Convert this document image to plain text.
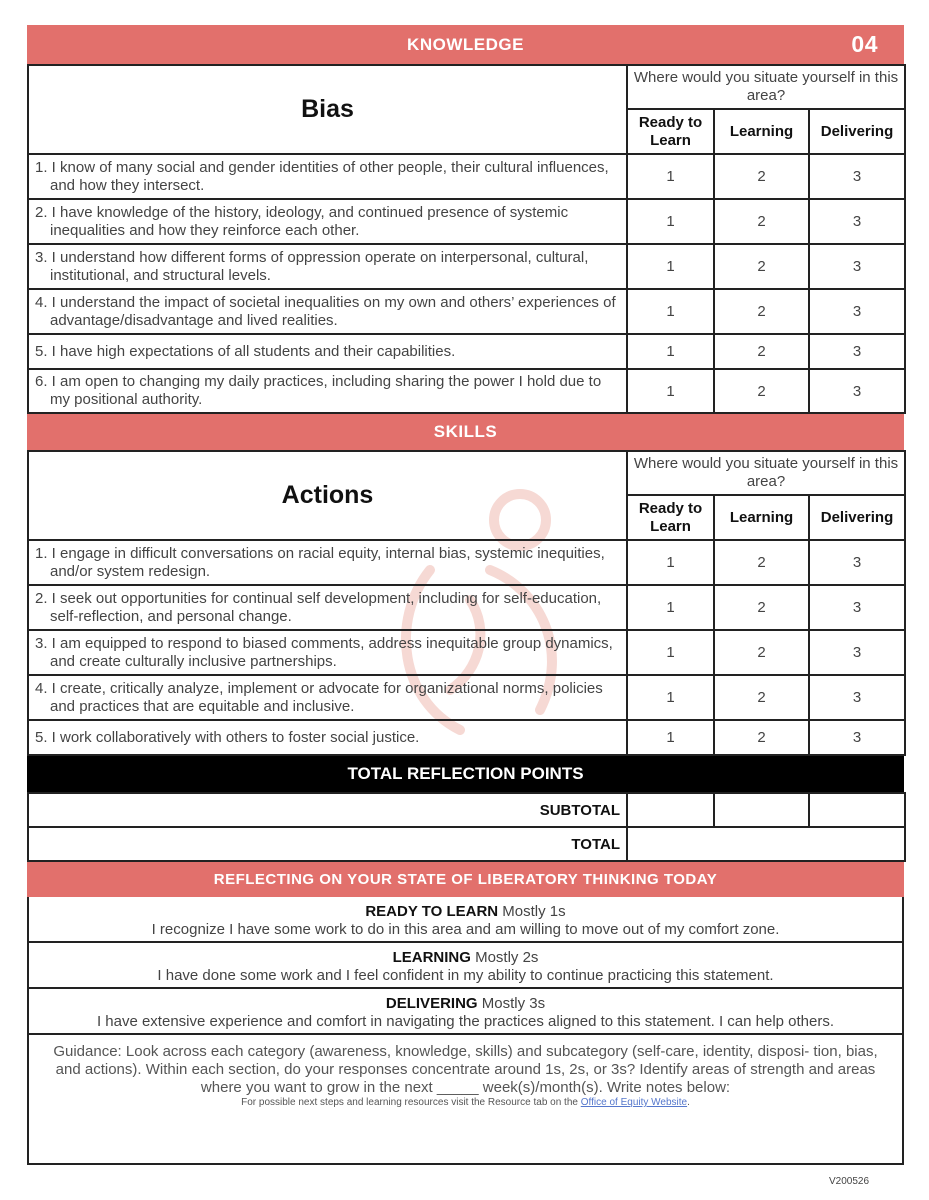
KNOWLEDGE	04
Bias	Where would you situate yourself in this area?		
	Ready to Learn	Learning	Delivering

1. I know of many social and gender identities of other people, their cultural influences, and how they intersect.	1	2	3

2. I have knowledge of the history, ideology, and continued presence of systemic inequalities and how they reinforce each other.	1	2	3

3. I understand how different forms of oppression operate on interpersonal, cultural, institutional, and structural levels.	1	2	3

4. I understand the impact of societal inequalities on my own and others’ experiences of advantage/disadvantage and lived realities.	1	2	3

5. I have high expectations of all students and their capabilities.	1	2	3

6. I am open to changing my daily practices, including sharing the power I hold due to my positional authority.	1	2	3
SKILLS
Actions	Where would you situate yourself in this area?		
	Ready to Learn	Learning	Delivering

1. I engage in difficult conversations on racial equity, internal bias, systemic inequities, and/or system redesign.	1	2	3

2. I seek out opportunities for continual self development, including for self-education, self-reflection, and personal change.	1	2	3

3. I am equipped to respond to biased comments, address inequitable group dynamics, and create culturally inclusive partnerships.	1	2	3

4. I create, critically analyze, implement or advocate for organizational norms, policies and practices that are equitable and inclusive.	1	2	3

5. I work collaboratively with others to foster social justice.	1	2	3
TOTAL REFLECTION POINTS
SUBTOTAL			
TOTAL			
REFLECTING ON YOUR STATE OF LIBERATORY THINKING TODAY
READY TO LEARN Mostly 1s
I recognize I have some work to do in this area and am willing to move out of my comfort zone.
LEARNING Mostly 2s
I have done some work and I feel confident in my ability to continue practicing this statement.
DELIVERING Mostly 3s
I have extensive experience and comfort in navigating the practices aligned to this statement. I can help others.
Guidance: Look across each category (awareness, knowledge, skills) and subcategory (self-care, identity, disposi- tion, bias, and actions). Within each section, do your responses concentrate around 1s, 2s, or 3s? Identify areas of strength and areas where you want to grow in the next _____ week(s)/month(s). Write notes below:
For possible next steps and learning resources visit the Resource tab on the Office of Equity Website.
V200526
